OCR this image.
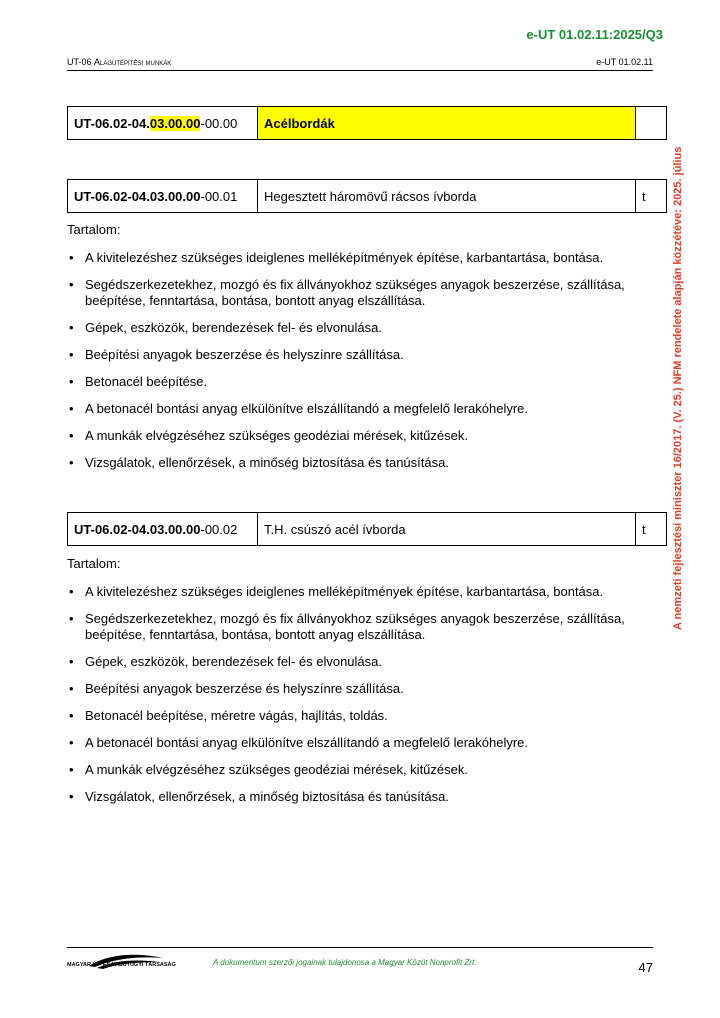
e-UT 01.02.11:2025/Q3
UT-06 Alagútépítési munkák	e-UT 01.02.11
A nemzeti fejlesztési miniszter 16/2017. (V. 25.) NFM rendelete alapján közzétéve: 2025. július
UT-06.02-04.03.00.00-00.00	Acélbordák	
UT-06.02-04.03.00.00-00.01	Hegesztett háromövű rácsos ívborda	t
Tartalom:
• A kivitelezéshez szükséges ideiglenes melléképítmények építése, karbantartása, bontása.
• Segédszerkezetekhez, mozgó és fix állványokhoz szükséges anyagok beszerzése, szállítása, beépítése, fenntartása, bontása, bontott anyag elszállítása.
• Gépek, eszközök, berendezések fel- és elvonulása.
• Beépítési anyagok beszerzése és helyszínre szállítása.
• Betonacél beépítése.
• A betonacél bontási anyag elkülönítve elszállítandó a megfelelő lerakóhelyre.
• A munkák elvégzéséhez szükséges geodéziai mérések, kitűzések.
• Vizsgálatok, ellenőrzések, a minőség biztosítása és tanúsítása.
UT-06.02-04.03.00.00-00.02	T.H. csúszó acél ívborda	t
Tartalom:
• A kivitelezéshez szükséges ideiglenes melléképítmények építése, karbantartása, bontása.
• Segédszerkezetekhez, mozgó és fix állványokhoz szükséges anyagok beszerzése, szállítása, beépítése, fenntartása, bontása, bontott anyag elszállítása.
• Gépek, eszközök, berendezések fel- és elvonulása.
• Beépítési anyagok beszerzése és helyszínre szállítása.
• Betonacél beépítése, méretre vágás, hajlítás, toldás.
• A betonacél bontási anyag elkülönítve elszállítandó a megfelelő lerakóhelyre.
• A munkák elvégzéséhez szükséges geodéziai mérések, kitűzések.
• Vizsgálatok, ellenőrzések, a minőség biztosítása és tanúsítása.
MAGYAR ÚT- ÉS VASÚTÜGYI TÁRSASÁG	A dokumentum szerzői jogainak tulajdonosa a Magyar Közút Nonprofit Zrt.	47
